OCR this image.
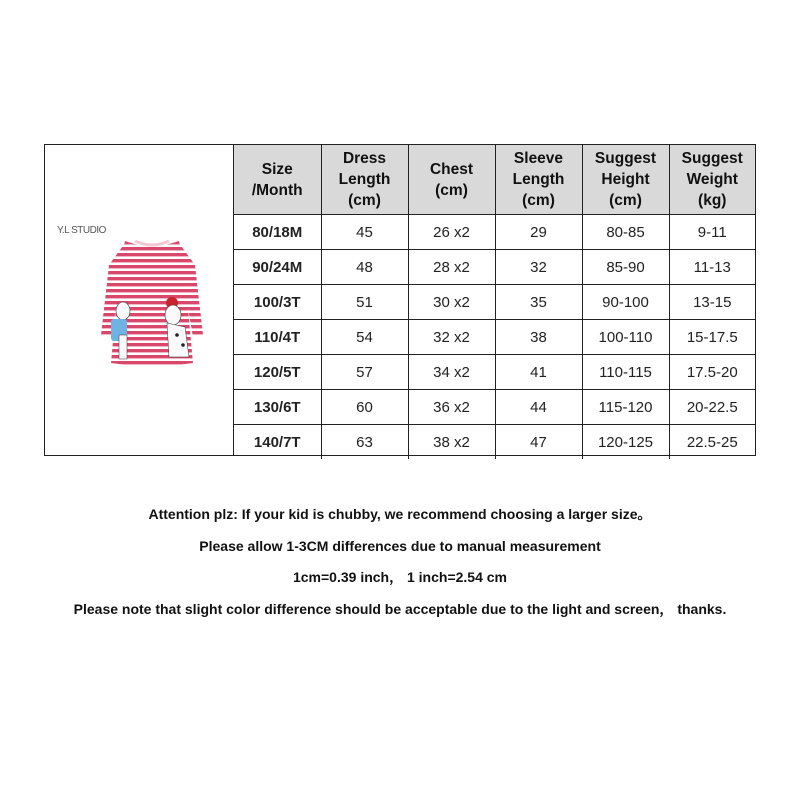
Y.L STUDIO
Size
/Month	Dress
Length
(cm)	Chest
(cm)	Sleeve
Length
(cm)	Suggest
Height
(cm)	Suggest
Weight
(kg)
80/18M	45	26 x2	29	80-85	9-11
90/24M	48	28 x2	32	85-90	11-13
100/3T	51	30 x2	35	90-100	13-15
110/4T	54	32 x2	38	100-110	15-17.5
120/5T	57	34 x2	41	110-115	17.5-20
130/6T	60	36 x2	44	115-120	20-22.5
140/7T	63	38 x2	47	120-125	22.5-25

Attention plz: If your kid is chubby, we recommend choosing a larger size。

Please allow 1-3CM differences due to manual measurement

1cm=0.39 inch， 1 inch=2.54 cm

Please note that slight color difference should be acceptable due to the light and screen， thanks.
